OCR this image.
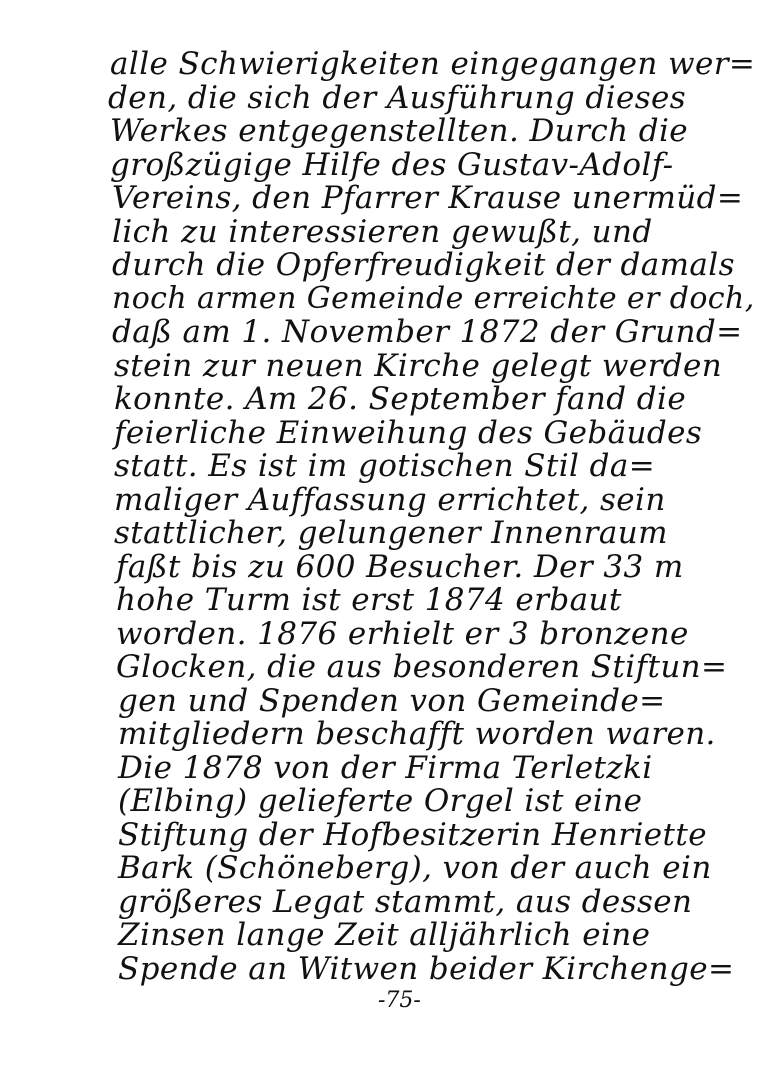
alle Schwierigkeiten eingegangen wer=
den, die sich der Ausführung dieses
Werkes entgegenstellten. Durch die
großzügige Hilfe des Gustav-Adolf-
Vereins, den Pfarrer Krause unermüd=
lich zu interessieren gewußt, und
durch die Opferfreudigkeit der damals
noch armen Gemeinde erreichte er doch,
daß am 1. November 1872 der Grund=
stein zur neuen Kirche gelegt werden
konnte. Am 26. September fand die
feierliche Einweihung des Gebäudes
statt. Es ist im gotischen Stil da=
maliger Auffassung errichtet, sein
stattlicher, gelungener Innenraum
faßt bis zu 600 Besucher. Der 33 m
hohe Turm ist erst 1874 erbaut
worden. 1876 erhielt er 3 bronzene
Glocken, die aus besonderen Stiftun=
gen und Spenden von Gemeinde=
mitgliedern beschafft worden waren.
Die 1878 von der Firma Terletzki
(Elbing) gelieferte Orgel ist eine
Stiftung der Hofbesitzerin Henriette
Bark (Schöneberg), von der auch ein
größeres Legat stammt, aus dessen
Zinsen lange Zeit alljährlich eine
Spende an Witwen beider Kirchenge=
-75-
